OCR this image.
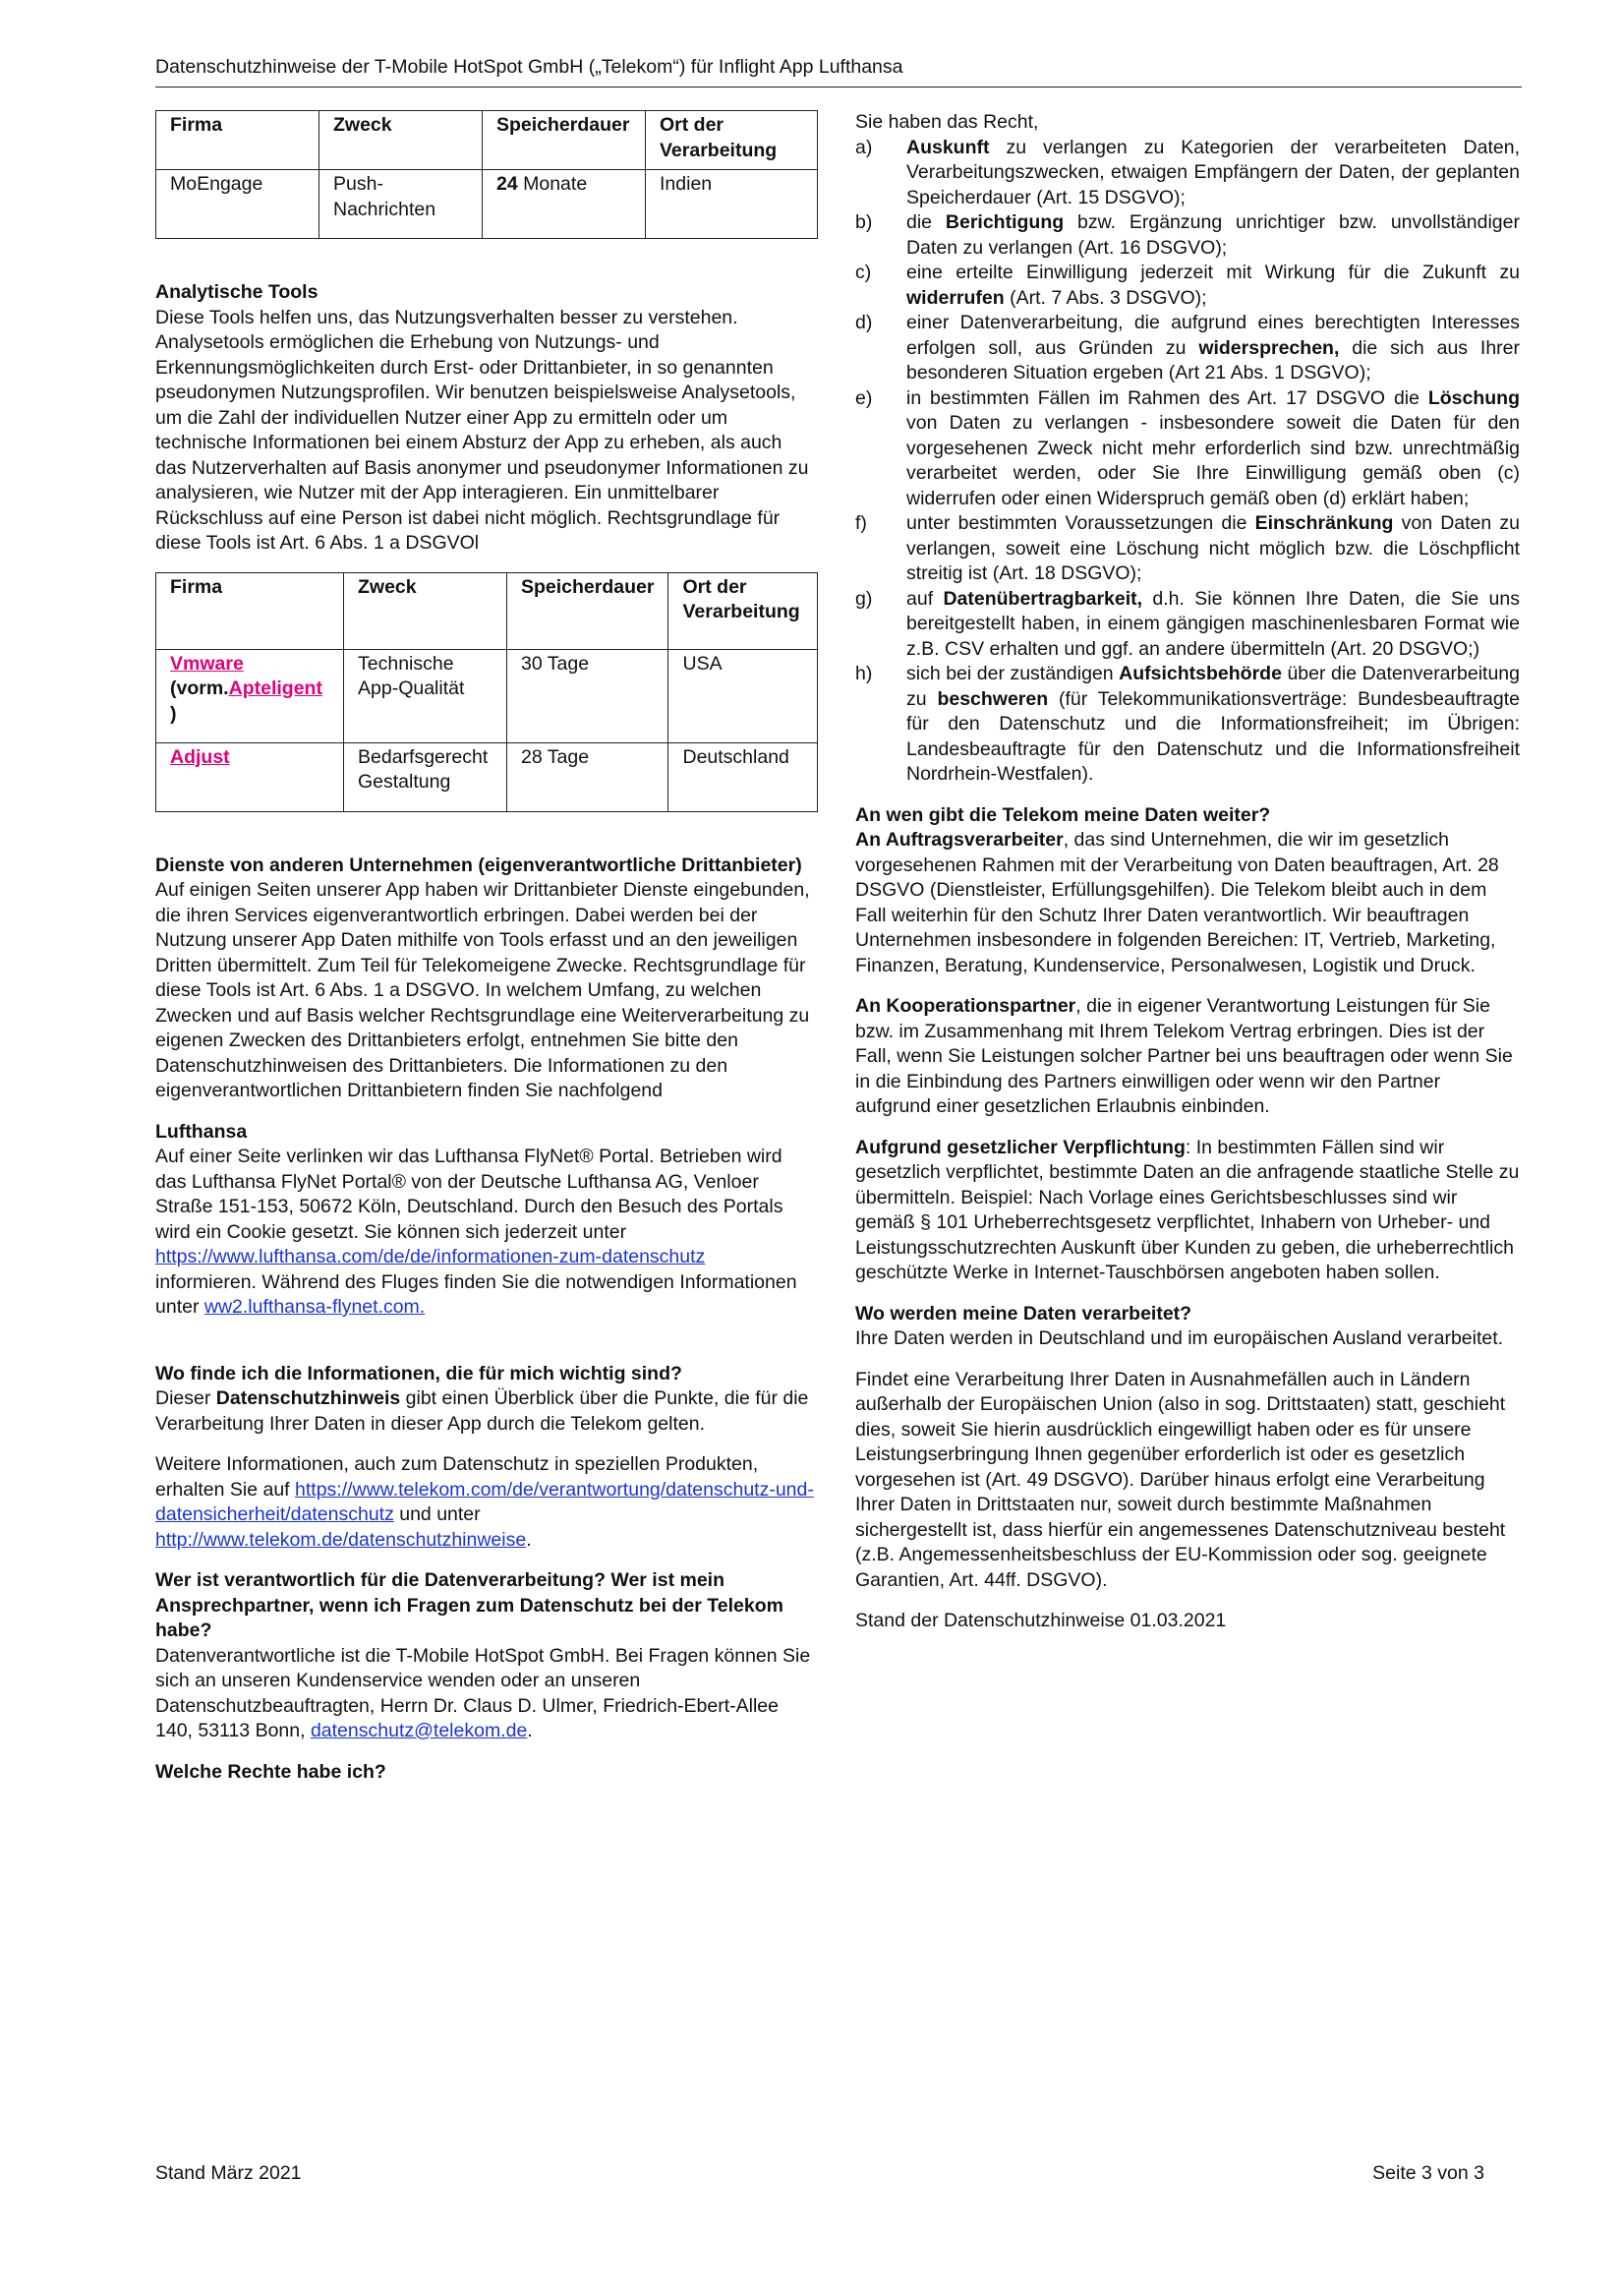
Datenschutzhinweise der T-Mobile HotSpot GmbH („Telekom“) für Inflight App Lufthansa
Firma	Zweck	Speicherdauer	Ort der Verarbeitung
MoEngage	Push-Nachrichten	24 Monate	Indien
Analytische Tools
Diese Tools helfen uns, das Nutzungsverhalten besser zu verstehen. Analysetools ermöglichen die Erhebung von Nutzungs- und Erkennungsmöglichkeiten durch Erst- oder Drittanbieter, in so genannten pseudonymen Nutzungsprofilen. Wir benutzen beispielsweise Analysetools, um die Zahl der individuellen Nutzer einer App zu ermitteln oder um technische Informationen bei einem Absturz der App zu erheben, als auch das Nutzerverhalten auf Basis anonymer und pseudonymer Informationen zu analysieren, wie Nutzer mit der App interagieren. Ein unmittelbarer Rückschluss auf eine Person ist dabei nicht möglich. Rechtsgrundlage für diese Tools ist Art. 6 Abs. 1 a DSGVOl
Firma	Zweck	Speicherdauer	Ort der Verarbeitung
Vmware
(vorm.Apteligent
)	Technische App-Qualität	30 Tage	USA
Adjust	Bedarfsgerecht Gestaltung	28 Tage	Deutschland
Dienste von anderen Unternehmen (eigenverantwortliche Drittanbieter)
Auf einigen Seiten unserer App haben wir Drittanbieter Dienste eingebunden, die ihren Services eigenverantwortlich erbringen. Dabei werden bei der Nutzung unserer App Daten mithilfe von Tools erfasst und an den jeweiligen Dritten übermittelt. Zum Teil für Telekomeigene Zwecke. Rechtsgrundlage für diese Tools ist Art. 6 Abs. 1 a DSGVO. In welchem Umfang, zu welchen Zwecken und auf Basis welcher Rechtsgrundlage eine Weiterverarbeitung zu eigenen Zwecken des Drittanbieters erfolgt, entnehmen Sie bitte den Datenschutzhinweisen des Drittanbieters. Die Informationen zu den eigenverantwortlichen Drittanbietern finden Sie nachfolgend
Lufthansa
Auf einer Seite verlinken wir das Lufthansa FlyNet® Portal. Betrieben wird das Lufthansa FlyNet Portal® von der Deutsche Lufthansa AG, Venloer Straße 151-153, 50672 Köln, Deutschland. Durch den Besuch des Portals wird ein Cookie gesetzt. Sie können sich jederzeit unter
https://www.lufthansa.com/de/de/informationen-zum-datenschutz
informieren. Während des Fluges finden Sie die notwendigen Informationen unter ww2.lufthansa-flynet.com.
Wo finde ich die Informationen, die für mich wichtig sind?
Dieser Datenschutzhinweis gibt einen Überblick über die Punkte, die für die Verarbeitung Ihrer Daten in dieser App durch die Telekom gelten.

Weitere Informationen, auch zum Datenschutz in speziellen Produkten, erhalten Sie auf https://www.telekom.com/de/verantwortung/datenschutz-und-datensicherheit/datenschutz und unter
http://www.telekom.de/datenschutzhinweise.

Wer ist verantwortlich für die Datenverarbeitung? Wer ist mein Ansprechpartner, wenn ich Fragen zum Datenschutz bei der Telekom habe?
Datenverantwortliche ist die T-Mobile HotSpot GmbH. Bei Fragen können Sie sich an unseren Kundenservice wenden oder an unseren Datenschutzbeauftragten, Herrn Dr. Claus D. Ulmer, Friedrich-Ebert-Allee 140, 53113 Bonn, datenschutz@telekom.de.
Welche Rechte habe ich?
Sie haben das Recht,
a)	Auskunft zu verlangen zu Kategorien der verarbeiteten Daten, Verarbeitungszwecken, etwaigen Empfängern der Daten, der geplanten Speicherdauer (Art. 15 DSGVO);
b)	die Berichtigung bzw. Ergänzung unrichtiger bzw. unvollständiger Daten zu verlangen (Art. 16 DSGVO);
c)	eine erteilte Einwilligung jederzeit mit Wirkung für die Zukunft zu widerrufen (Art. 7 Abs. 3 DSGVO);
d)	einer Datenverarbeitung, die aufgrund eines berechtigten Interesses erfolgen soll, aus Gründen zu widersprechen, die sich aus Ihrer besonderen Situation ergeben (Art 21 Abs. 1 DSGVO);
e)	in bestimmten Fällen im Rahmen des Art. 17 DSGVO die Löschung von Daten zu verlangen - insbesondere soweit die Daten für den vorgesehenen Zweck nicht mehr erforderlich sind bzw. unrechtmäßig verarbeitet werden, oder Sie Ihre Einwilligung gemäß oben (c) widerrufen oder einen Widerspruch gemäß oben (d) erklärt haben;
f)	unter bestimmten Voraussetzungen die Einschränkung von Daten zu verlangen, soweit eine Löschung nicht möglich bzw. die Löschpflicht streitig ist (Art. 18 DSGVO);
g)	auf Datenübertragbarkeit, d.h. Sie können Ihre Daten, die Sie uns bereitgestellt haben, in einem gängigen maschinenlesbaren Format wie z.B. CSV erhalten und ggf. an andere übermitteln (Art. 20 DSGVO;)
h)	sich bei der zuständigen Aufsichtsbehörde über die Datenverarbeitung zu beschweren (für Telekommunikationsverträge: Bundesbeauftragte für den Datenschutz und die Informationsfreiheit; im Übrigen: Landesbeauftragte für den Datenschutz und die Informationsfreiheit Nordrhein-Westfalen).
An wen gibt die Telekom meine Daten weiter?
An Auftragsverarbeiter, das sind Unternehmen, die wir im gesetzlich vorgesehenen Rahmen mit der Verarbeitung von Daten beauftragen, Art. 28 DSGVO (Dienstleister, Erfüllungsgehilfen). Die Telekom bleibt auch in dem Fall weiterhin für den Schutz Ihrer Daten verantwortlich. Wir beauftragen Unternehmen insbesondere in folgenden Bereichen: IT, Vertrieb, Marketing, Finanzen, Beratung, Kundenservice, Personalwesen, Logistik und Druck.

An Kooperationspartner, die in eigener Verantwortung Leistungen für Sie bzw. im Zusammenhang mit Ihrem Telekom Vertrag erbringen. Dies ist der Fall, wenn Sie Leistungen solcher Partner bei uns beauftragen oder wenn Sie in die Einbindung des Partners einwilligen oder wenn wir den Partner aufgrund einer gesetzlichen Erlaubnis einbinden.

Aufgrund gesetzlicher Verpflichtung: In bestimmten Fällen sind wir gesetzlich verpflichtet, bestimmte Daten an die anfragende staatliche Stelle zu übermitteln. Beispiel: Nach Vorlage eines Gerichtsbeschlusses sind wir gemäß § 101 Urheberrechtsgesetz verpflichtet, Inhabern von Urheber- und Leistungsschutzrechten Auskunft über Kunden zu geben, die urheberrechtlich geschützte Werke in Internet-Tauschbörsen angeboten haben sollen.

Wo werden meine Daten verarbeitet?
Ihre Daten werden in Deutschland und im europäischen Ausland verarbeitet.

Findet eine Verarbeitung Ihrer Daten in Ausnahmefällen auch in Ländern außerhalb der Europäischen Union (also in sog. Drittstaaten) statt, geschieht dies, soweit Sie hierin ausdrücklich eingewilligt haben oder es für unsere Leistungserbringung Ihnen gegenüber erforderlich ist oder es gesetzlich vorgesehen ist (Art. 49 DSGVO). Darüber hinaus erfolgt eine Verarbeitung Ihrer Daten in Drittstaaten nur, soweit durch bestimmte Maßnahmen sichergestellt ist, dass hierfür ein angemessenes Datenschutzniveau besteht (z.B. Angemessenheitsbeschluss der EU-Kommission oder sog. geeignete Garantien, Art. 44ff. DSGVO).

Stand der Datenschutzhinweise 01.03.2021

Stand März 2021	Seite 3 von 3
